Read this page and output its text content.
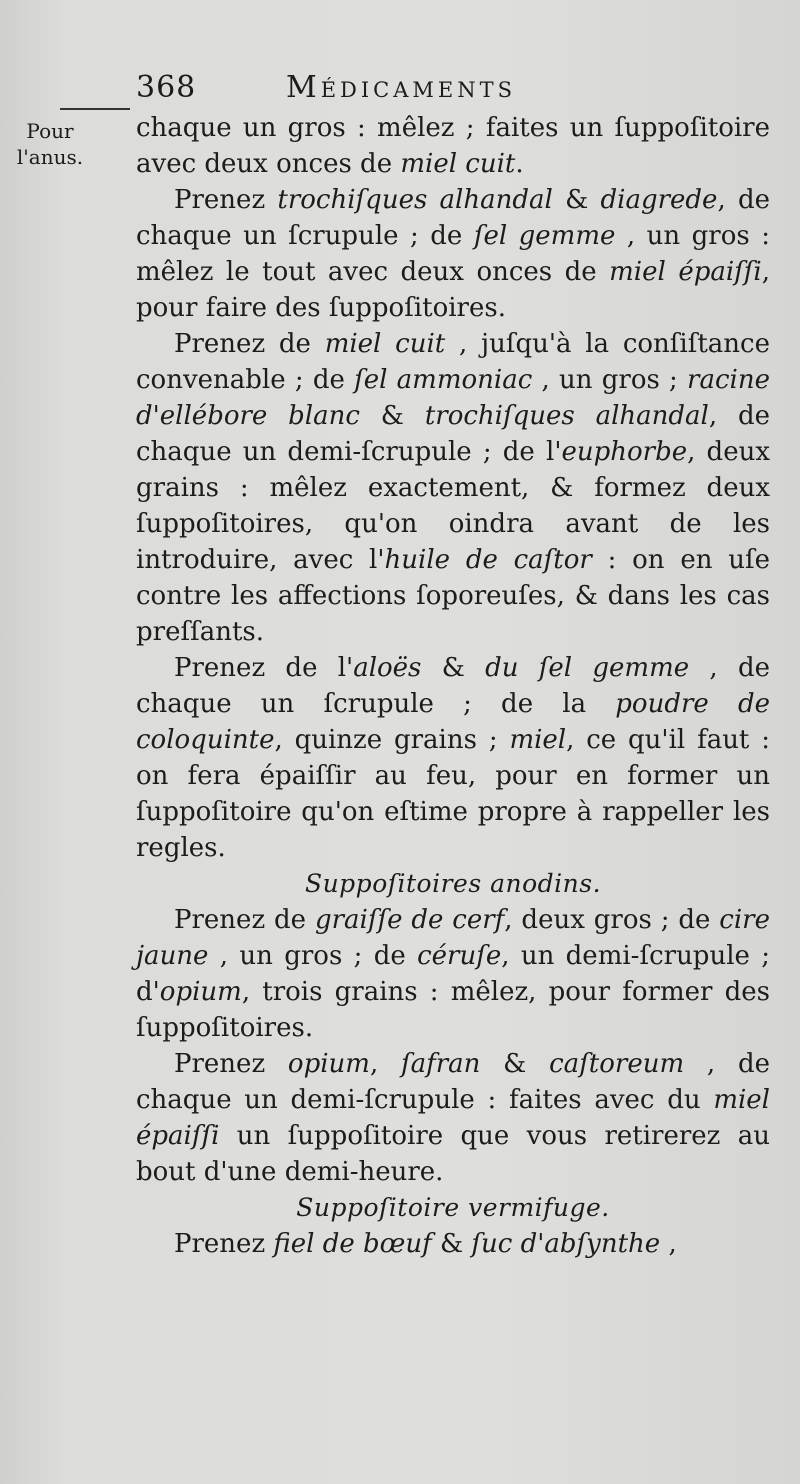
368	Médicaments
Pour
l'anus.

chaque un gros : mêlez ; faites un ſuppoſitoire avec deux onces de miel cuit.

Prenez trochiſques alhandal & diagrede, de chaque un ſcrupule ; de ſel gemme , un gros : mêlez le tout avec deux onces de miel épaiſſi, pour faire des ſuppoſitoires.

Prenez de miel cuit , juſqu'à la conſiſtance convenable ; de ſel ammoniac , un gros ; racine d'ellébore blanc & trochiſques alhandal, de chaque un demi-ſcrupule ; de l'euphorbe, deux grains : mêlez exactement, & formez deux ſuppoſitoires, qu'on oindra avant de les introduire, avec l'huile de caſtor : on en uſe contre les affections ſoporeuſes, & dans les cas preſſants.

Prenez de l'aloës & du ſel gemme , de chaque un ſcrupule ; de la poudre de coloquinte, quinze grains ; miel, ce qu'il faut : on fera épaiſſir au feu, pour en former un ſuppoſitoire qu'on eſtime propre à rappeller les regles.

Suppoſitoires anodins.

Prenez de graiſſe de cerf, deux gros ; de cire jaune , un gros ; de céruſe, un demi-ſcrupule ; d'opium, trois grains : mêlez, pour former des ſuppoſitoires.

Prenez opium, ſafran & caſtoreum , de chaque un demi-ſcrupule : faites avec du miel épaiſſi un ſuppoſitoire que vous retirerez au bout d'une demi-heure.

Suppoſitoire vermifuge.

Prenez fiel de bœuf & ſuc d'abſynthe ,
